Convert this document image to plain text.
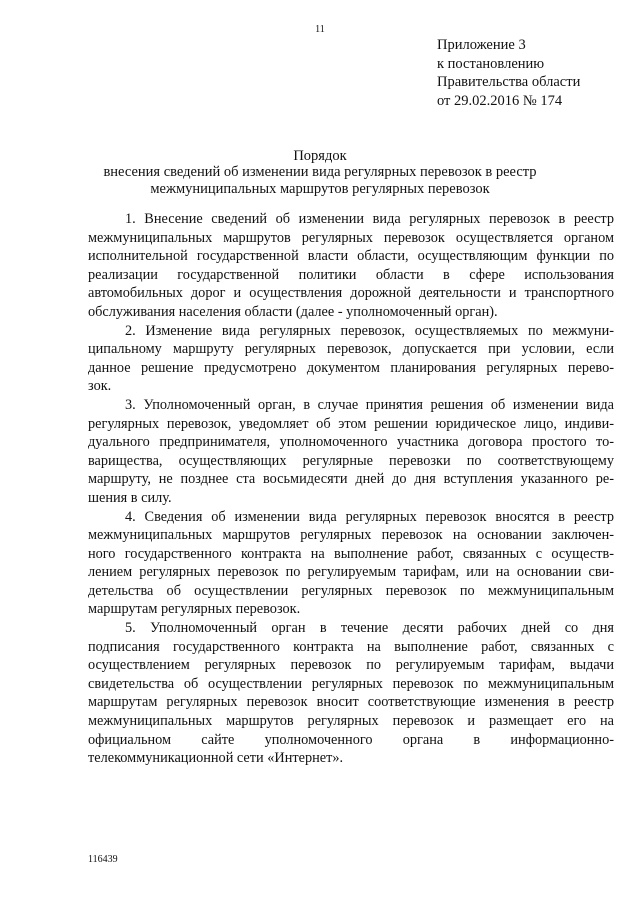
11
Приложение 3
к постановлению
Правительства области
от 29.02.2016 № 174
Порядок
внесения сведений об изменении вида регулярных перевозок в реестр
межмуниципальных маршрутов регулярных перевозок
1. Внесение сведений об изменении вида регулярных перевозок в реестр
межмуниципальных маршрутов регулярных перевозок осуществляется органом
исполнительной государственной власти области, осуществляющим функции по
реализации государственной политики области в сфере использования
автомобильных дорог и осуществления дорожной деятельности и транспортного
обслуживания населения области (далее - уполномоченный орган).
2. Изменение вида регулярных перевозок, осуществляемых по межмуни-
ципальному маршруту регулярных перевозок, допускается при условии, если
данное решение предусмотрено документом планирования регулярных перево-
зок.
3. Уполномоченный орган, в случае принятия решения об изменении вида
регулярных перевозок, уведомляет об этом решении юридическое лицо, индиви-
дуального предпринимателя, уполномоченного участника договора простого то-
варищества, осуществляющих регулярные перевозки по соответствующему
маршруту, не позднее ста восьмидесяти дней до дня вступления указанного ре-
шения в силу.
4. Сведения об изменении вида регулярных перевозок вносятся в реестр
межмуниципальных маршрутов регулярных перевозок на основании заключен-
ного государственного контракта на выполнение работ, связанных с осуществ-
лением регулярных перевозок по регулируемым тарифам, или на основании сви-
детельства об осуществлении регулярных перевозок по межмуниципальным
маршрутам регулярных перевозок.
5. Уполномоченный орган в течение десяти рабочих дней со дня
подписания государственного контракта на выполнение работ, связанных с
осуществлением регулярных перевозок по регулируемым тарифам, выдачи
свидетельства об осуществлении регулярных перевозок по межмуниципальным
маршрутам регулярных перевозок вносит соответствующие изменения в реестр
межмуниципальных маршрутов регулярных перевозок и размещает его на
официальном сайте уполномоченного органа в информационно-
телекоммуникационной сети «Интернет».
116439
